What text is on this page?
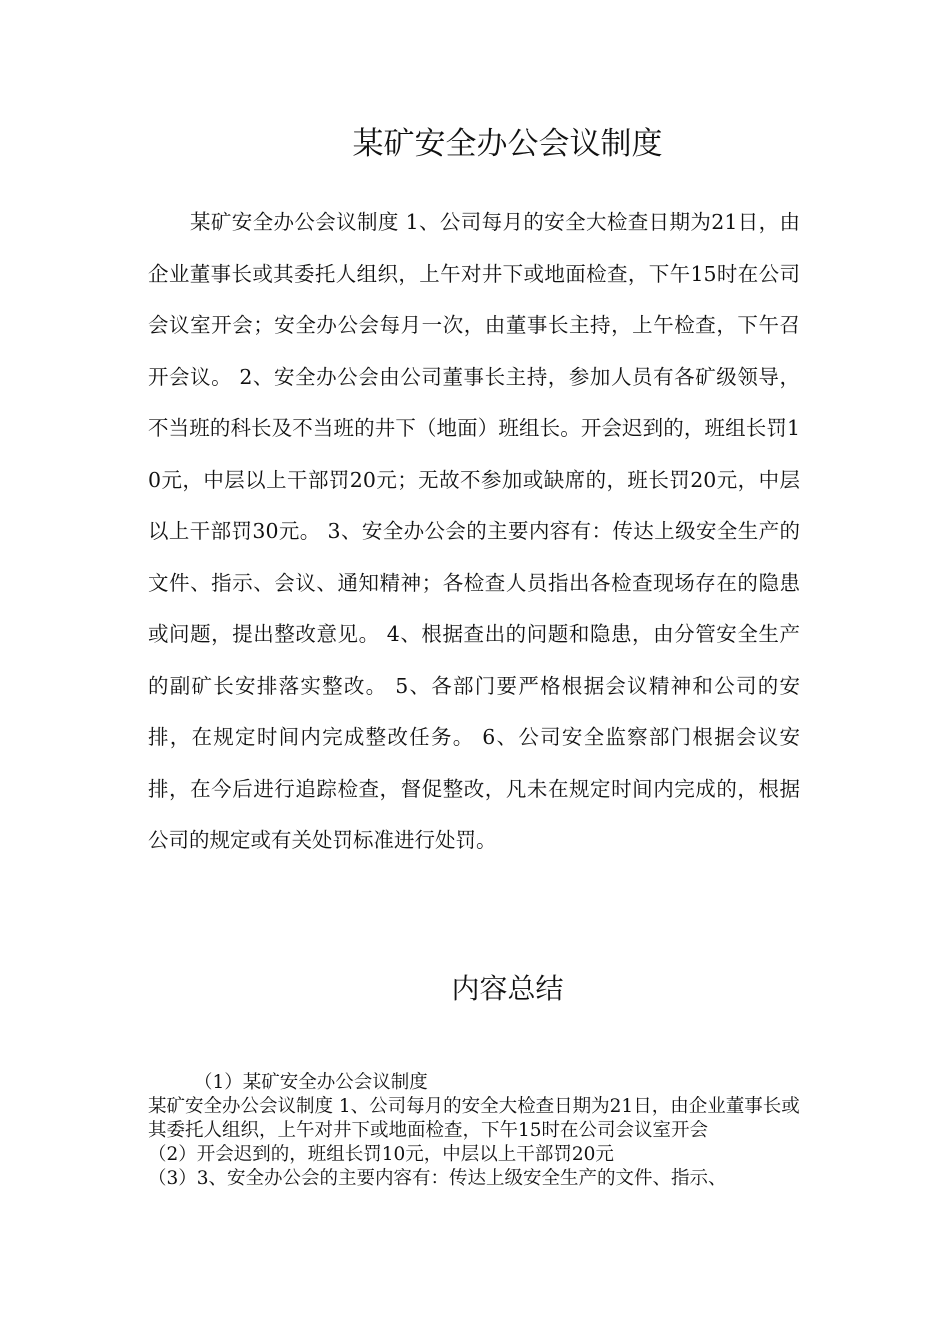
某矿安全办公会议制度

某矿安全办公会议制度 1、公司每月的安全大检查日期为21日，由企业董事长或其委托人组织，上午对井下或地面检查，下午15时在公司会议室开会；安全办公会每月一次，由董事长主持，上午检查，下午召开会议。 2、安全办公会由公司董事长主持，参加人员有各矿级领导，不当班的科长及不当班的井下（地面）班组长。开会迟到的，班组长罚10元，中层以上干部罚20元；无故不参加或缺席的，班长罚20元，中层以上干部罚30元。 3、安全办公会的主要内容有：传达上级安全生产的文件、指示、会议、通知精神；各检查人员指出各检查现场存在的隐患或问题，提出整改意见。 4、根据查出的问题和隐患，由分管安全生产的副矿长安排落实整改。 5、各部门要严格根据会议精神和公司的安排，在规定时间内完成整改任务。 6、公司安全监察部门根据会议安排，在今后进行追踪检查，督促整改，凡未在规定时间内完成的，根据公司的规定或有关处罚标准进行处罚。

内容总结

（1）某矿安全办公会议制度

某矿安全办公会议制度 1、公司每月的安全大检查日期为21日，由企业董事长或其委托人组织，上午对井下或地面检查，下午15时在公司会议室开会

（2）开会迟到的，班组长罚10元，中层以上干部罚20元

（3）3、安全办公会的主要内容有：传达上级安全生产的文件、指示、
